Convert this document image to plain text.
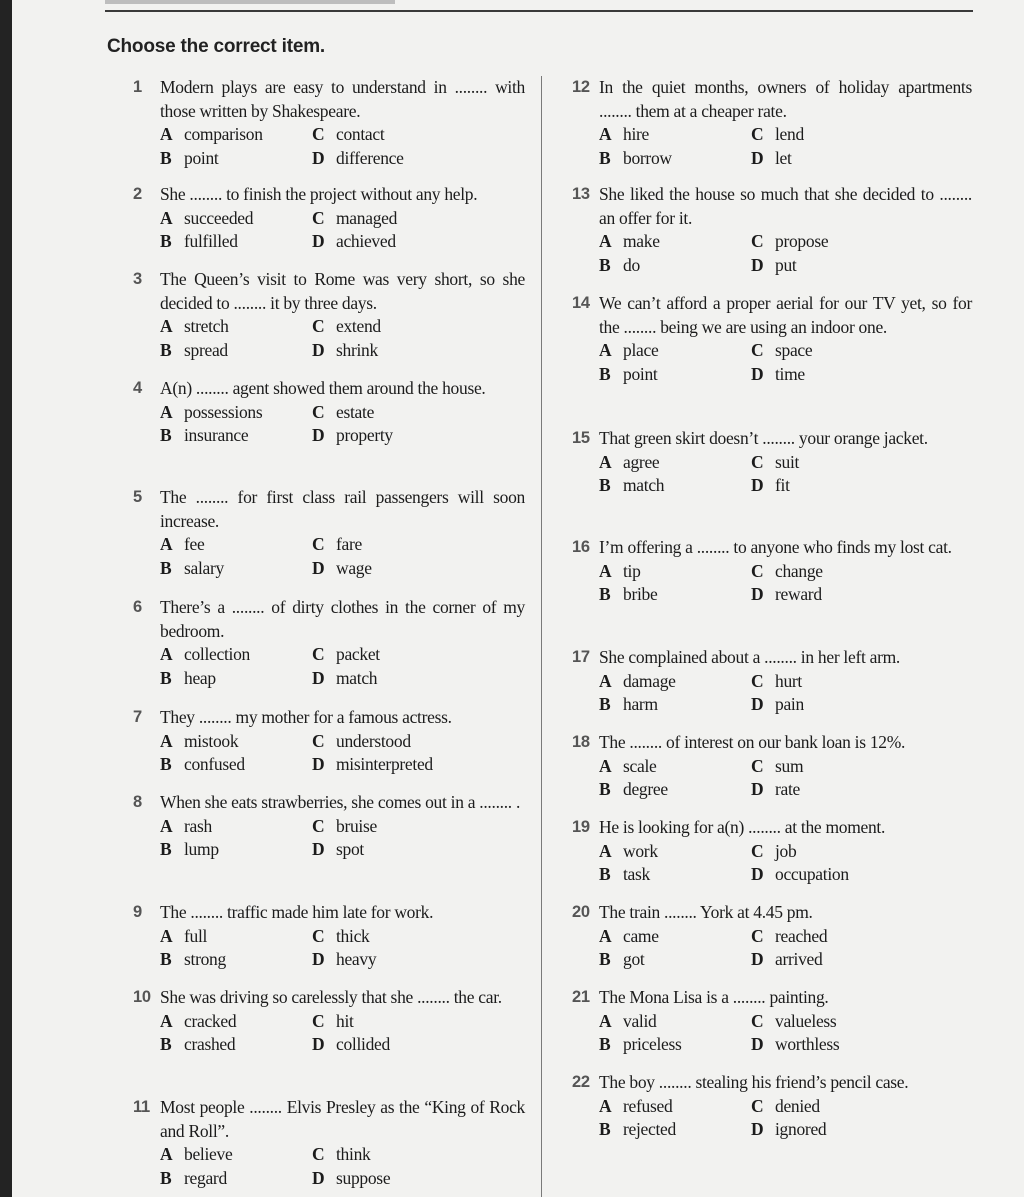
Choose the correct item.
1 Modern plays are easy to understand in ........ with those written by Shakespeare.
A comparison	C contact
B point	D difference
2 She ........ to finish the project without any help.
A succeeded	C managed
B fulfilled	D achieved
3 The Queen’s visit to Rome was very short, so she decided to ........ it by three days.
A stretch	C extend
B spread	D shrink
4 A(n) ........ agent showed them around the house.
A possessions	C estate
B insurance	D property
5 The ........ for first class rail passengers will soon increase.
A fee	C fare
B salary	D wage
6 There’s a ........ of dirty clothes in the corner of my bedroom.
A collection	C packet
B heap	D match
7 They ........ my mother for a famous actress.
A mistook	C understood
B confused	D misinterpreted
8 When she eats strawberries, she comes out in a ........ .
A rash	C bruise
B lump	D spot
9 The ........ traffic made him late for work.
A full	C thick
B strong	D heavy
10 She was driving so carelessly that she ........ the car.
A cracked	C hit
B crashed	D collided
11 Most people ........ Elvis Presley as the “King of Rock and Roll”.
A believe	C think
B regard	D suppose
12 In the quiet months, owners of holiday apartments ........ them at a cheaper rate.
A hire	C lend
B borrow	D let
13 She liked the house so much that she decided to ........ an offer for it.
A make	C propose
B do	D put
14 We can’t afford a proper aerial for our TV yet, so for the ........ being we are using an indoor one.
A place	C space
B point	D time
15 That green skirt doesn’t ........ your orange jacket.
A agree	C suit
B match	D fit
16 I’m offering a ........ to anyone who finds my lost cat.
A tip	C change
B bribe	D reward
17 She complained about a ........ in her left arm.
A damage	C hurt
B harm	D pain
18 The ........ of interest on our bank loan is 12%.
A scale	C sum
B degree	D rate
19 He is looking for a(n) ........ at the moment.
A work	C job
B task	D occupation
20 The train ........ York at 4.45 pm.
A came	C reached
B got	D arrived
21 The Mona Lisa is a ........ painting.
A valid	C valueless
B priceless	D worthless
22 The boy ........ stealing his friend’s pencil case.
A refused	C denied
B rejected	D ignored
